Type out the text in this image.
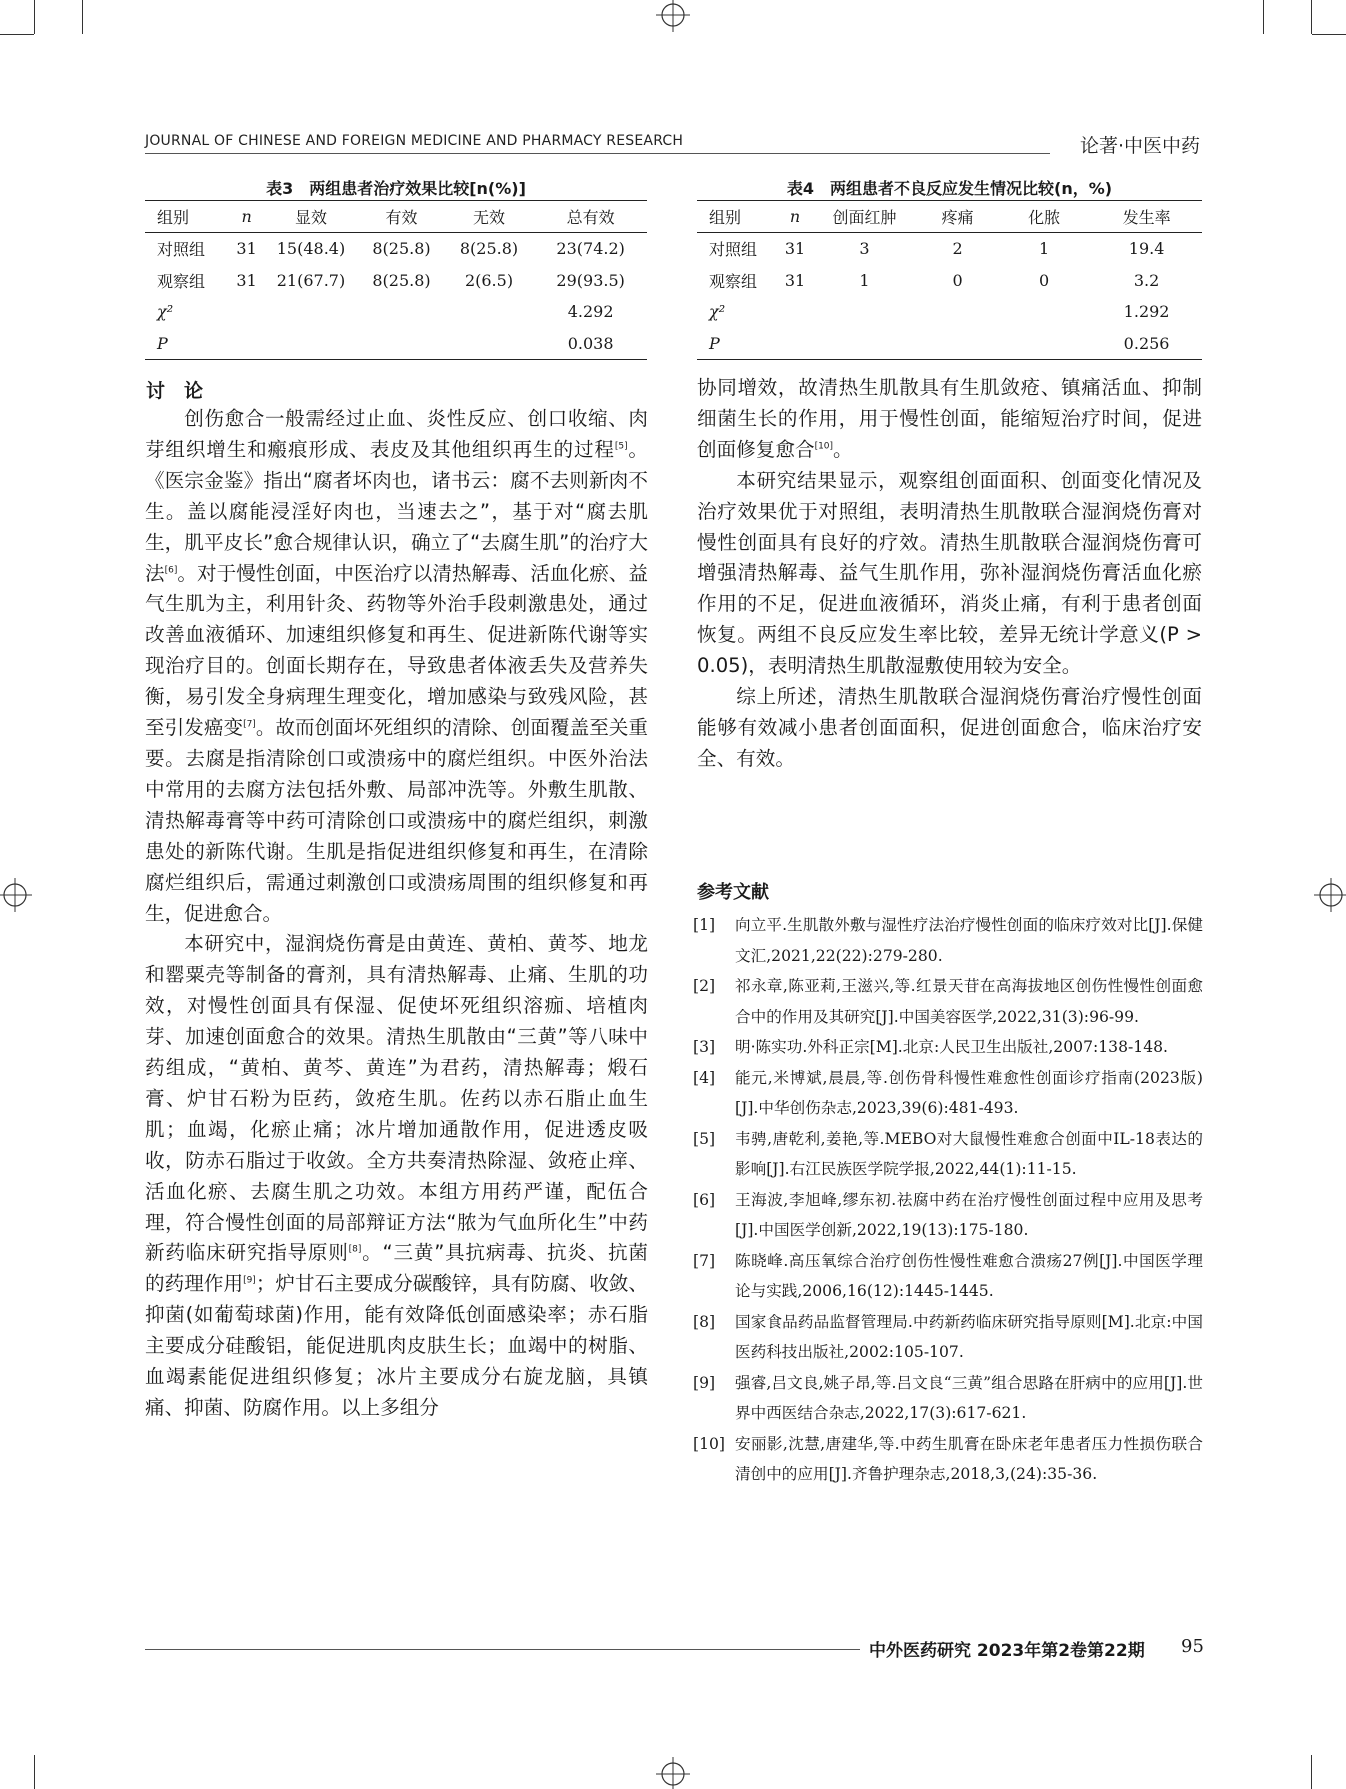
JOURNAL OF CHINESE AND FOREIGN MEDICINE AND PHARMACY RESEARCH	论著·中医中药
表3　两组患者治疗效果比较[n(%)]
组别	n	显效	有效	无效	总有效
对照组	31	15(48.4)	8(25.8)	8(25.8)	23(74.2)
观察组	31	21(67.7)	8(25.8)	2(6.5)	29(93.5)
χ²					4.292
P					0.038
表4　两组患者不良反应发生情况比较(n，%)
组别	n	创面红肿	疼痛	化脓	发生率
对照组	31	3	2	1	19.4
观察组	31	1	0	0	3.2
χ²					1.292
P					0.256
讨　论

创伤愈合一般需经过止血、炎性反应、创口收缩、肉芽组织增生和瘢痕形成、表皮及其他组织再生的过程[5]。《医宗金鉴》指出“腐者坏肉也，诸书云：腐不去则新肉不生。盖以腐能浸淫好肉也，当速去之”，基于对“腐去肌生，肌平皮长”愈合规律认识，确立了“去腐生肌”的治疗大法[6]。对于慢性创面，中医治疗以清热解毒、活血化瘀、益气生肌为主，利用针灸、药物等外治手段刺激患处，通过改善血液循环、加速组织修复和再生、促进新陈代谢等实现治疗目的。创面长期存在，导致患者体液丢失及营养失衡，易引发全身病理生理变化，增加感染与致残风险，甚至引发癌变[7]。故而创面坏死组织的清除、创面覆盖至关重要。去腐是指清除创口或溃疡中的腐烂组织。中医外治法中常用的去腐方法包括外敷、局部冲洗等。外敷生肌散、清热解毒膏等中药可清除创口或溃疡中的腐烂组织，刺激患处的新陈代谢。生肌是指促进组织修复和再生，在清除腐烂组织后，需通过刺激创口或溃疡周围的组织修复和再生，促进愈合。

本研究中，湿润烧伤膏是由黄连、黄柏、黄芩、地龙和罂粟壳等制备的膏剂，具有清热解毒、止痛、生肌的功效，对慢性创面具有保湿、促使坏死组织溶痂、培植肉芽、加速创面愈合的效果。清热生肌散由“三黄”等八味中药组成，“黄柏、黄芩、黄连”为君药，清热解毒；煅石膏、炉甘石粉为臣药，敛疮生肌。佐药以赤石脂止血生肌；血竭，化瘀止痛；冰片增加通散作用，促进透皮吸收，防赤石脂过于收敛。全方共奏清热除湿、敛疮止痒、活血化瘀、去腐生肌之功效。本组方用药严谨，配伍合理，符合慢性创面的局部辩证方法“脓为气血所化生”中药新药临床研究指导原则[8]。“三黄”具抗病毒、抗炎、抗菌的药理作用[9]；炉甘石主要成分碳酸锌，具有防腐、收敛、抑菌(如葡萄球菌)作用，能有效降低创面感染率；赤石脂主要成分硅酸铝，能促进肌肉皮肤生长；血竭中的树脂、血竭素能促进组织修复；冰片主要成分右旋龙脑，具镇痛、抑菌、防腐作用。以上多组分

协同增效，故清热生肌散具有生肌敛疮、镇痛活血、抑制细菌生长的作用，用于慢性创面，能缩短治疗时间，促进创面修复愈合[10]。

本研究结果显示，观察组创面面积、创面变化情况及治疗效果优于对照组，表明清热生肌散联合湿润烧伤膏对慢性创面具有良好的疗效。清热生肌散联合湿润烧伤膏可增强清热解毒、益气生肌作用，弥补湿润烧伤膏活血化瘀作用的不足，促进血液循环，消炎止痛，有利于患者创面恢复。两组不良反应发生率比较，差异无统计学意义(P > 0.05)，表明清热生肌散湿敷使用较为安全。

综上所述，清热生肌散联合湿润烧伤膏治疗慢性创面能够有效减小患者创面面积，促进创面愈合，临床治疗安全、有效。

参考文献
[1] 向立平.生肌散外敷与湿性疗法治疗慢性创面的临床疗效对比[J].保健文汇,2021,22(22):279-280.
[2] 祁永章,陈亚莉,王滋兴,等.红景天苷在高海拔地区创伤性慢性创面愈合中的作用及其研究[J].中国美容医学,2022,31(3):96-99.
[3] 明·陈实功.外科正宗[M].北京:人民卫生出版社,2007:138-148.
[4] 能元,米博斌,晨晨,等.创伤骨科慢性难愈性创面诊疗指南(2023版)[J].中华创伤杂志,2023,39(6):481-493.
[5] 韦骋,唐乾利,姜艳,等.MEBO对大鼠慢性难愈合创面中IL-18表达的影响[J].右江民族医学院学报,2022,44(1):11-15.
[6] 王海波,李旭峰,缪东初.祛腐中药在治疗慢性创面过程中应用及思考[J].中国医学创新,2022,19(13):175-180.
[7] 陈晓峰.高压氧综合治疗创伤性慢性难愈合溃疡27例[J].中国医学理论与实践,2006,16(12):1445-1445.
[8] 国家食品药品监督管理局.中药新药临床研究指导原则[M].北京:中国医药科技出版社,2002:105-107.
[9] 强睿,吕文良,姚子昂,等.吕文良“三黄”组合思路在肝病中的应用[J].世界中西医结合杂志,2022,17(3):617-621.
[10] 安丽影,沈慧,唐建华,等.中药生肌膏在卧床老年患者压力性损伤联合清创中的应用[J].齐鲁护理杂志,2018,3,(24):35-36.
中外医药研究 2023年第2卷第22期 95
